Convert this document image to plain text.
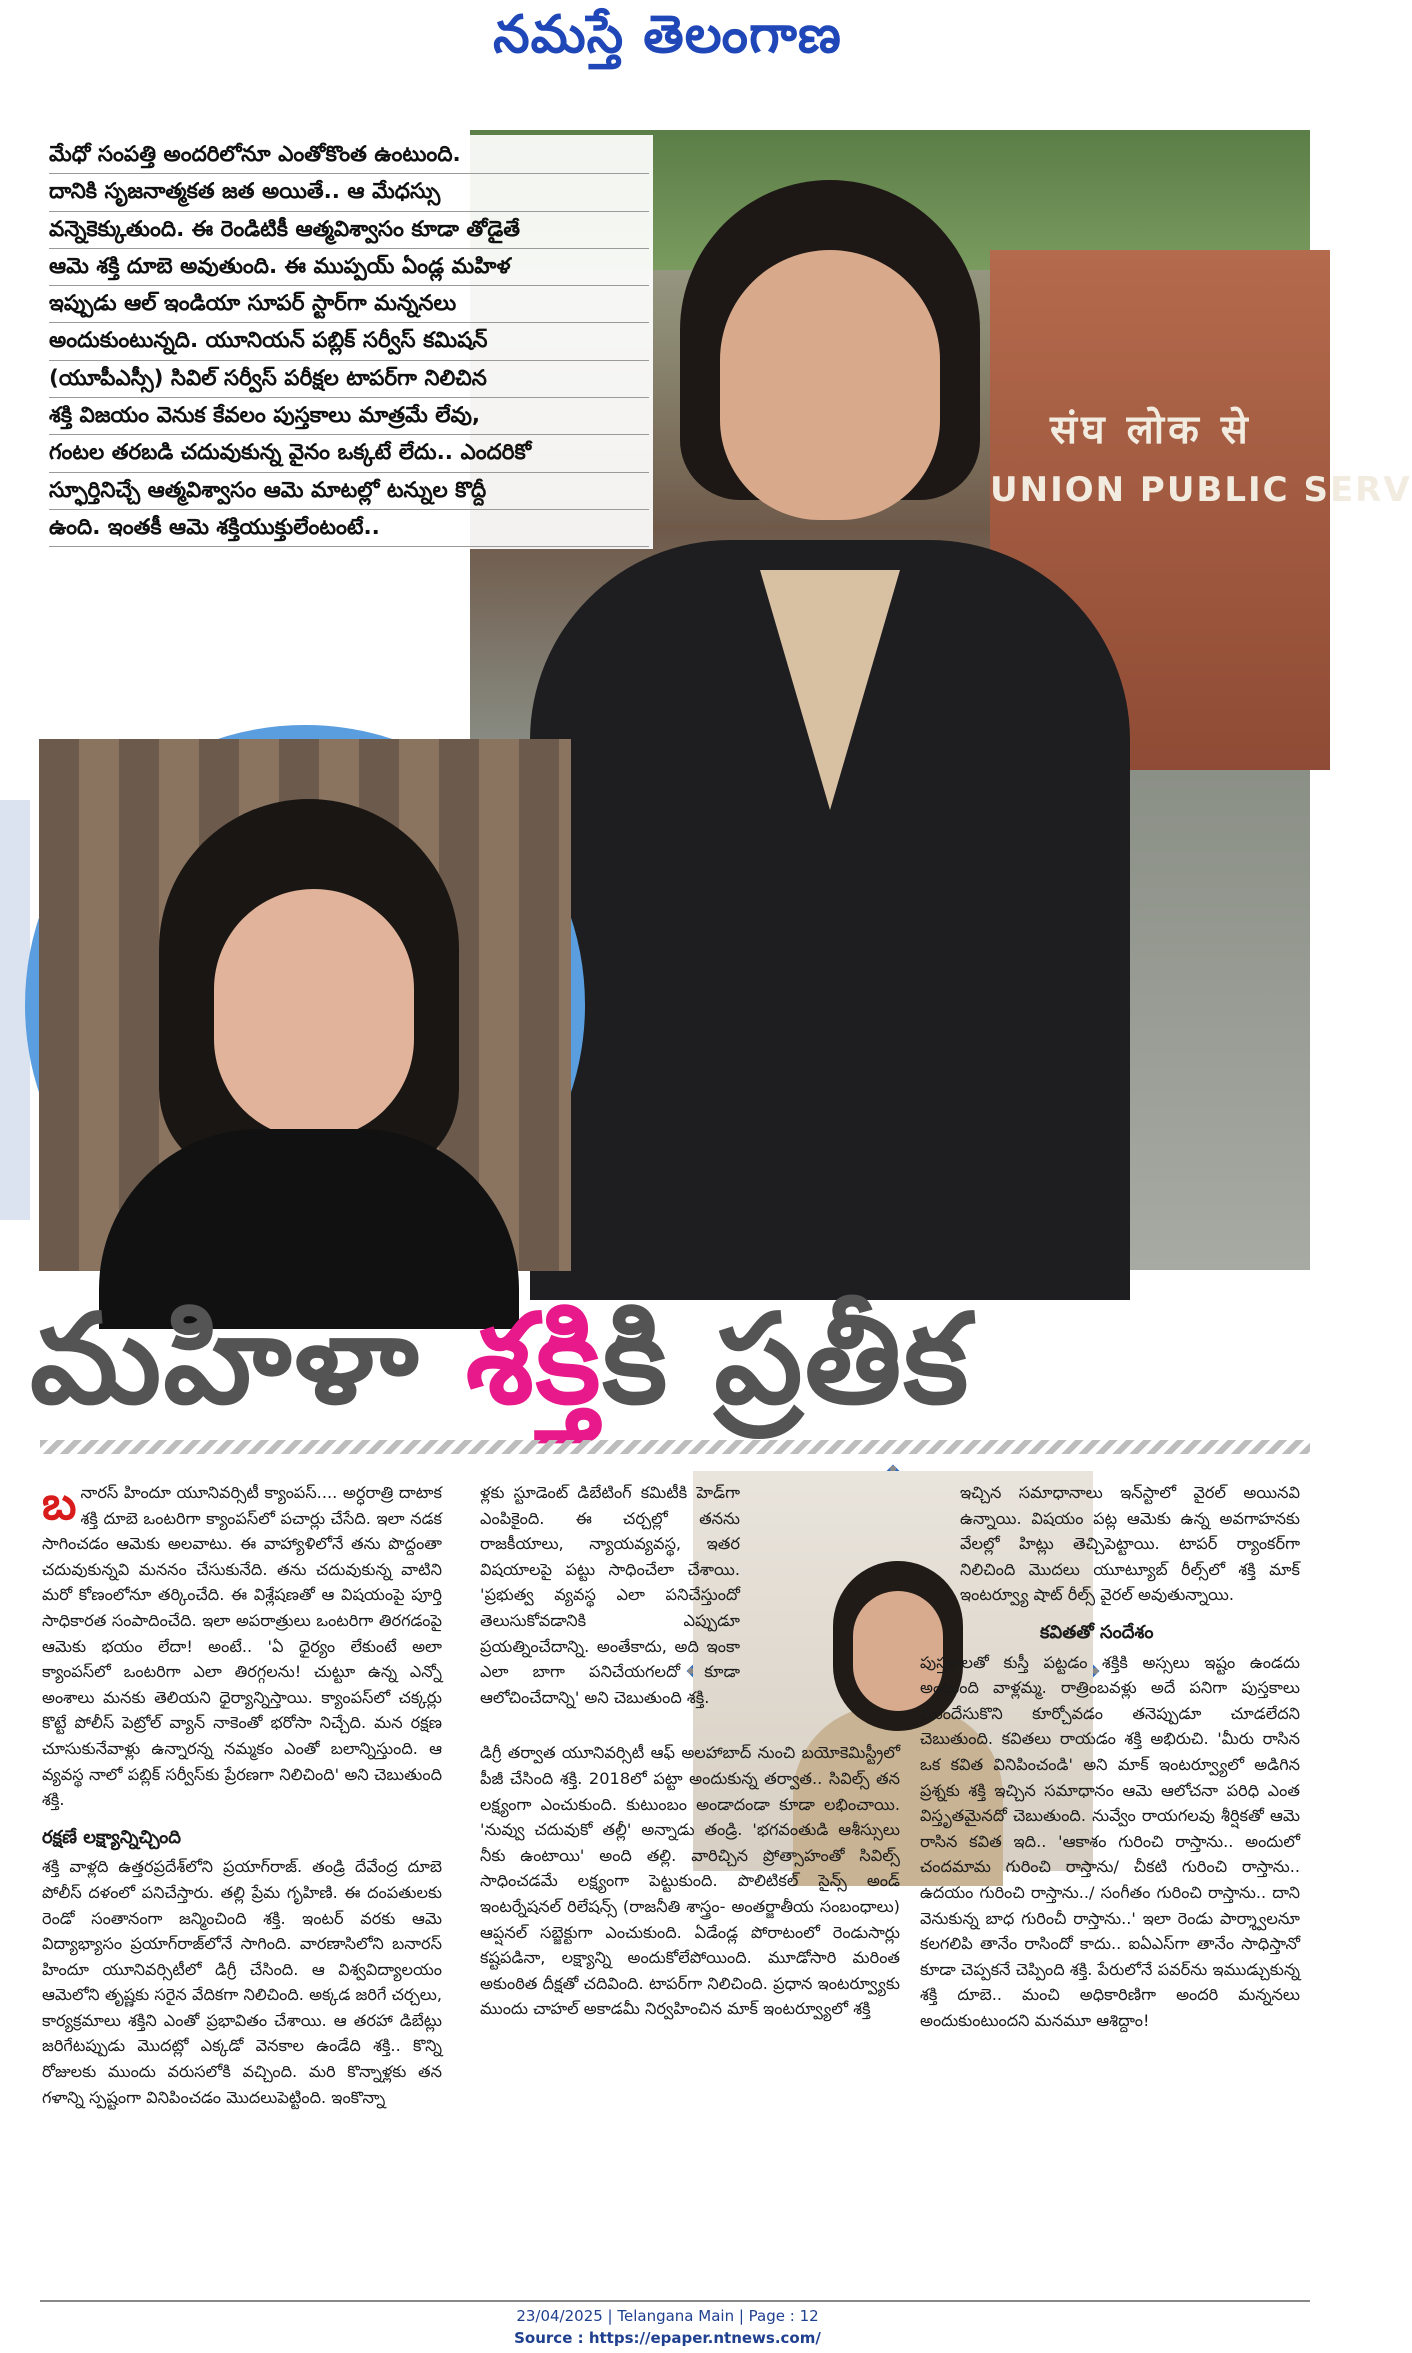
నమస్తే తెలంగాణ
संघ लोक से
UNION PUBLIC SERV
మేధో సంపత్తి అందరిలోనూ ఎంతోకొంత ఉంటుంది.
దానికి సృజనాత్మకత జత అయితే.. ఆ మేధస్సు
వన్నెకెక్కుతుంది. ఈ రెండిటికీ ఆత్మవిశ్వాసం కూడా తోడైతే
ఆమె శక్తి దూబె అవుతుంది. ఈ ముప్పయ్ ఏండ్ల మహిళ
ఇప్పుడు ఆల్ ఇండియా సూపర్ స్టార్‌గా మన్ననలు
అందుకుంటున్నది. యూనియన్ పబ్లిక్ సర్వీస్ కమిషన్
(యూపీఎస్సీ) సివిల్ సర్వీస్ పరీక్షల టాపర్‌గా నిలిచిన
శక్తి విజయం వెనుక కేవలం పుస్తకాలు మాత్రమే లేవు,
గంటల తరబడి చదువుకున్న వైనం ఒక్కటే లేదు.. ఎందరికో
స్ఫూర్తినిచ్చే ఆత్మవిశ్వాసం ఆమె మాటల్లో టన్నుల కొద్దీ
ఉంది. ఇంతకీ ఆమె శక్తియుక్తులేంటంటే..
మహిళా శక్తికి ప్రతీక

బనారస్ హిందూ యూనివర్సిటీ క్యాంపస్.... అర్ధరాత్రి దాటాక శక్తి దూబె ఒంటరిగా క్యాంపస్‌లో పచార్లు చేసేది. ఇలా నడక సాగించడం ఆమెకు అలవాటు. ఈ వాహ్యాళిలోనే తను పొద్దంతా చదువుకున్నవి మననం చేసుకునేది. తను చదువుకున్న వాటిని మరో కోణంలోనూ తర్కించేది. ఈ విశ్లేషణతో ఆ విషయంపై పూర్తి సాధికారత సంపాదించేది. ఇలా అపరాత్రులు ఒంటరిగా తిరగడంపై ఆమెకు భయం లేదా! అంటే.. 'ఏ ధైర్యం లేకుంటే అలా క్యాంపస్‌లో ఒంటరిగా ఎలా తిరగ్గలను! చుట్టూ ఉన్న ఎన్నో అంశాలు మనకు తెలియని ధైర్యాన్నిస్తాయి. క్యాంపస్‌లో చక్కర్లు కొట్టే పోలీస్ పెట్రోల్ వ్యాన్ నాకెంతో భరోసా నిచ్చేది. మన రక్షణ చూసుకునేవాళ్లు ఉన్నారన్న నమ్మకం ఎంతో బలాన్నిస్తుంది. ఆ వ్యవస్థ నాలో పబ్లిక్ సర్వీస్‌కు ప్రేరణగా నిలిచింది' అని చెబుతుంది శక్తి.

రక్షణే లక్ష్యాన్నిచ్చింది

శక్తి వాళ్లది ఉత్తరప్రదేశ్‌లోని ప్రయాగ్‌రాజ్. తండ్రి దేవేంద్ర దూబె పోలీస్ దళంలో పనిచేస్తారు. తల్లి ప్రేమ గృహిణి. ఈ దంపతులకు రెండో సంతానంగా జన్మించింది శక్తి. ఇంటర్ వరకు ఆమె విద్యాభ్యాసం ప్రయాగ్‌రాజ్‌లోనే సాగింది. వారణాసిలోని బనారస్ హిందూ యూనివర్సిటీలో డిగ్రీ చేసింది. ఆ విశ్వవిద్యాలయం ఆమెలోని తృష్ణకు సరైన వేదికగా నిలిచింది. అక్కడ జరిగే చర్చలు, కార్యక్రమాలు శక్తిని ఎంతో ప్రభావితం చేశాయి. ఆ తరహా డిబేట్లు జరిగేటప్పుడు మొదట్లో ఎక్కడో వెనకాల ఉండేది శక్తి.. కొన్ని రోజులకు ముందు వరుసలోకి వచ్చింది. మరి కొన్నాళ్లకు తన గళాన్ని స్పష్టంగా వినిపించడం మొదలుపెట్టింది. ఇంకొన్నా

ళ్లకు స్టూడెంట్ డిబేటింగ్ కమిటీకి హెడ్‌గా ఎంపికైంది. ఈ చర్చల్లో తనను రాజకీయాలు, న్యాయవ్యవస్థ, ఇతర విషయాలపై పట్టు సాధించేలా చేశాయి. 'ప్రభుత్వ వ్యవస్థ ఎలా పనిచేస్తుందో తెలుసుకోవడానికి ఎప్పుడూ ప్రయత్నించేదాన్ని. అంతేకాదు, అది ఇంకా ఎలా బాగా పనిచేయగలదో కూడా ఆలోచించేదాన్ని' అని చెబుతుంది శక్తి.

డిగ్రీ తర్వాత యూనివర్సిటీ ఆఫ్ అలహాబాద్ నుంచి బయోకెమిస్ట్రీలో పీజీ చేసింది శక్తి. 2018లో పట్టా అందుకున్న తర్వాత.. సివిల్స్ తన లక్ష్యంగా ఎంచుకుంది. కుటుంబం అండాదండా కూడా లభించాయి. 'నువ్వు చదువుకో తల్లీ' అన్నాడు తండ్రి. 'భగవంతుడి ఆశీస్సులు నీకు ఉంటాయి' అంది తల్లి. వారిచ్చిన ప్రోత్సాహంతో సివిల్స్ సాధించడమే లక్ష్యంగా పెట్టుకుంది. పొలిటికల్ సైన్స్ అండ్ ఇంటర్నేషనల్ రిలేషన్స్ (రాజనీతి శాస్త్రం- అంతర్జాతీయ సంబంధాలు) ఆప్షనల్ సబ్జెక్టుగా ఎంచుకుంది. ఏడేండ్ల పోరాటంలో రెండుసార్లు కష్టపడినా, లక్ష్యాన్ని అందుకోలేపోయింది. మూడోసారి మరింత అకుంఠిత దీక్షతో చదివింది. టాపర్‌గా నిలిచింది. ప్రధాన ఇంటర్వ్యూకు ముందు చాహల్ అకాడమీ నిర్వహించిన మాక్ ఇంటర్వ్యూలో శక్తి

ఇచ్చిన సమాధానాలు ఇన్‌స్టాలో వైరల్ అయినవి ఉన్నాయి. విషయం పట్ల ఆమెకు ఉన్న అవగాహనకు వేలల్లో హిట్లు తెచ్చిపెట్టాయి. టాపర్ ర్యాంకర్‌గా నిలిచింది మొదలు యూట్యూబ్ రీల్స్‌లో శక్తి మాక్ ఇంటర్వ్యూ షాట్ రీల్స్ వైరల్ అవుతున్నాయి.

కవితతో సందేశం

పుస్తకాలతో కుస్తీ పట్టడం శక్తికి అస్సలు ఇష్టం ఉండదు అంటుంది వాళ్లమ్మ. రాత్రింబవళ్లు అదే పనిగా పుస్తకాలు ముందేసుకొని కూర్చోవడం తనెప్పుడూ చూడలేదని చెబుతుంది. కవితలు రాయడం శక్తి అభిరుచి. 'మీరు రాసిన ఒక కవిత వినిపించండి' అని మాక్ ఇంటర్వ్యూలో అడిగిన ప్రశ్నకు శక్తి ఇచ్చిన సమాధానం ఆమె ఆలోచనా పరిధి ఎంత విస్తృతమైనదో చెబుతుంది. నువ్వేం రాయగలవు శీర్షికతో ఆమె రాసిన కవిత ఇది.. 'ఆకాశం గురించి రాస్తాను.. అందులో చందమామ గురించి రాస్తాను/ చీకటి గురించి రాస్తాను.. ఉదయం గురించి రాస్తాను../ సంగీతం గురించి రాస్తాను.. దాని వెనుకున్న బాధ గురించీ రాస్తాను..' ఇలా రెండు పార్శ్వాలనూ కలగలిపి తానేం రాసిందో కాదు.. ఐఏఎస్‌గా తానేం సాధిస్తానో కూడా చెప్పకనే చెప్పింది శక్తి. పేరులోనే పవర్‌ను ఇముడ్చుకున్న శక్తి దూబె.. మంచి అధికారిణిగా అందరి మన్ననలు అందుకుంటుందని మనమూ ఆశిద్దాం!

23/04/2025 | Telangana Main | Page : 12
Source : https://epaper.ntnews.com/
